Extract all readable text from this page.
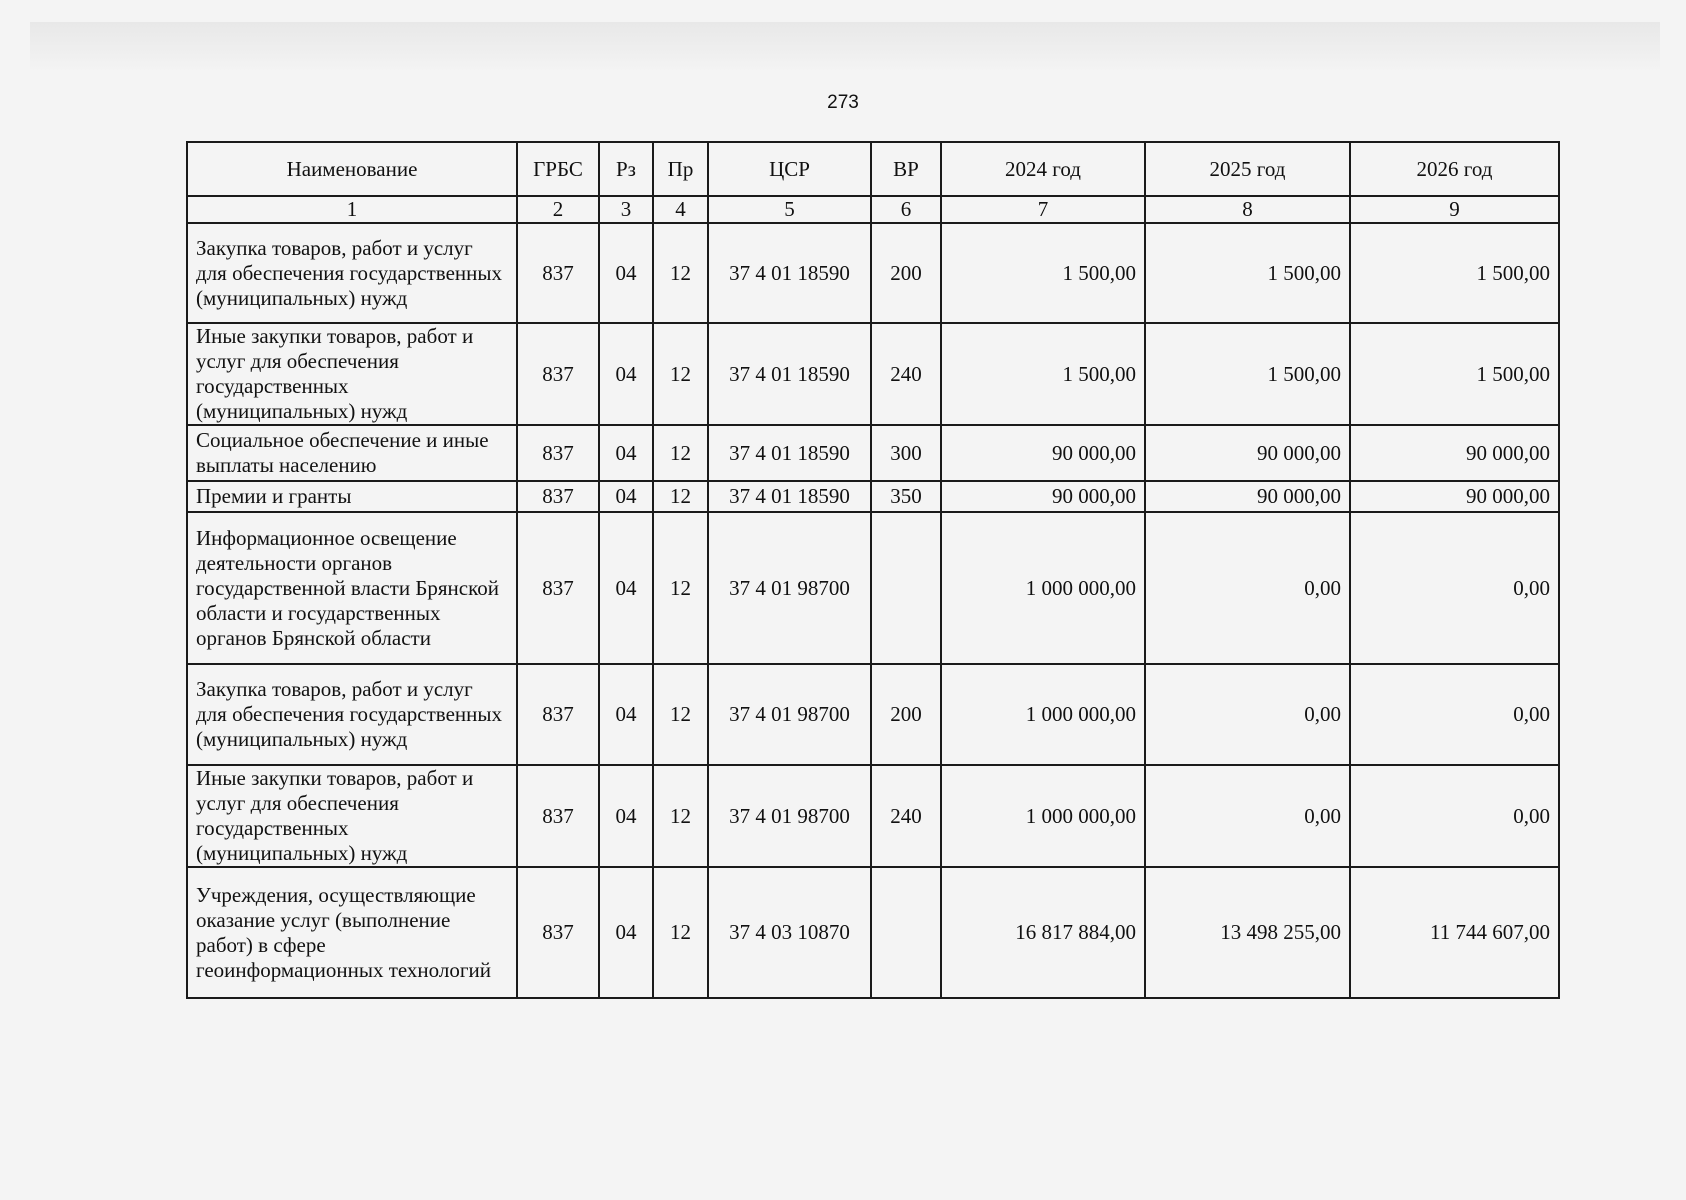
273
Наименование	ГРБС	Рз	Пр	ЦСР	ВР	2024 год	2025 год	2026 год
1	2	3	4	5	6	7	8	9
Закупка товаров, работ и услуг для обеспечения государственных (муниципальных) нужд	837	04	12	37 4 01 18590	200	1 500,00	1 500,00	1 500,00
Иные закупки товаров, работ и услуг для обеспечения государственных (муниципальных) нужд	837	04	12	37 4 01 18590	240	1 500,00	1 500,00	1 500,00
Социальное обеспечение и иные выплаты населению	837	04	12	37 4 01 18590	300	90 000,00	90 000,00	90 000,00
Премии и гранты	837	04	12	37 4 01 18590	350	90 000,00	90 000,00	90 000,00
Информационное освещение деятельности органов государственной власти Брянской области и государственных органов Брянской области	837	04	12	37 4 01 98700		1 000 000,00	0,00	0,00
Закупка товаров, работ и услуг для обеспечения государственных (муниципальных) нужд	837	04	12	37 4 01 98700	200	1 000 000,00	0,00	0,00
Иные закупки товаров, работ и услуг для обеспечения государственных (муниципальных) нужд	837	04	12	37 4 01 98700	240	1 000 000,00	0,00	0,00
Учреждения, осуществляющие оказание услуг (выполнение работ) в сфере геоинформационных технологий	837	04	12	37 4 03 10870		16 817 884,00	13 498 255,00	11 744 607,00
